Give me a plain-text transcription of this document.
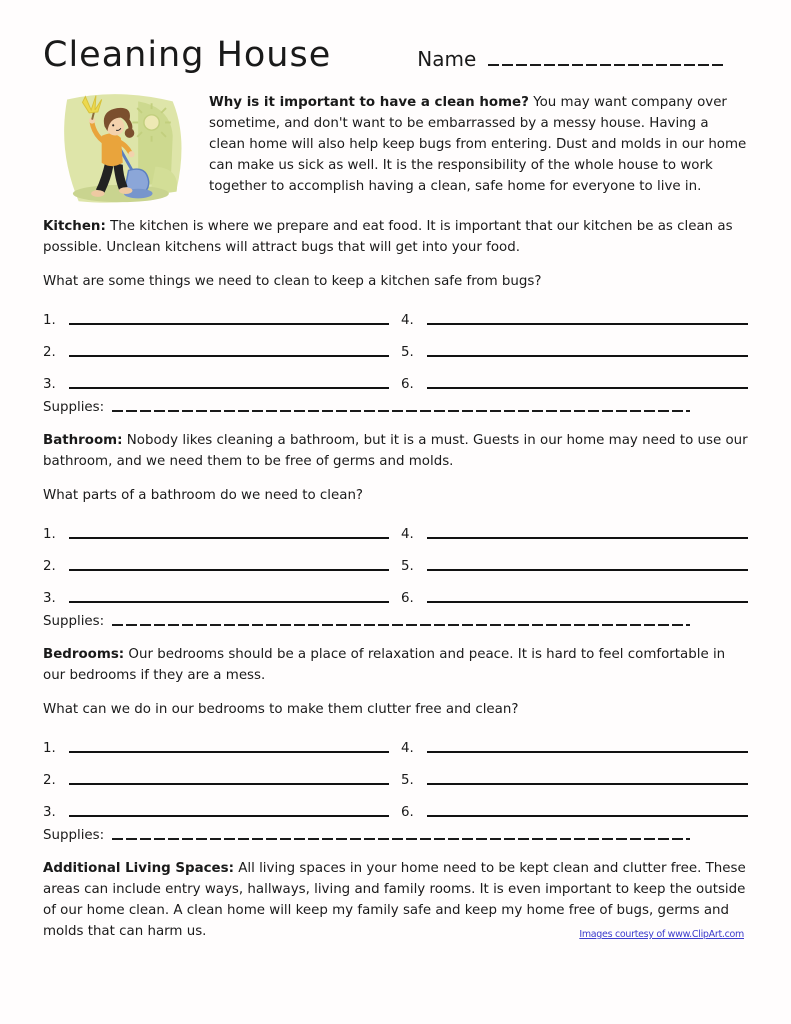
Cleaning House	Name

Why is it important to have a clean home? You may want company over sometime, and don't want to be embarrassed by a messy house. Having a clean home will also help keep bugs from entering. Dust and molds in our home can make us sick as well. It is the responsibility of the whole house to work together to accomplish having a clean, safe home for everyone to live in.

Kitchen: The kitchen is where we prepare and eat food. It is important that our kitchen be as clean as possible. Unclean kitchens will attract bugs that will get into your food.

What are some things we need to clean to keep a kitchen safe from bugs?

1.
2.
3.
4.
5.
6.
Supplies:

Bathroom: Nobody likes cleaning a bathroom, but it is a must. Guests in our home may need to use our bathroom, and we need them to be free of germs and molds.

What parts of a bathroom do we need to clean?

1.
2.
3.
4.
5.
6.
Supplies:

Bedrooms: Our bedrooms should be a place of relaxation and peace. It is hard to feel comfortable in our bedrooms if they are a mess.

What can we do in our bedrooms to make them clutter free and clean?

1.
2.
3.
4.
5.
6.
Supplies:

Additional Living Spaces: All living spaces in your home need to be kept clean and clutter free. These areas can include entry ways, hallways, living and family rooms. It is even important to keep the outside of our home clean. A clean home will keep my family safe and keep my home free of bugs, germs and molds that can harm us.	Images courtesy of www.ClipArt.com
